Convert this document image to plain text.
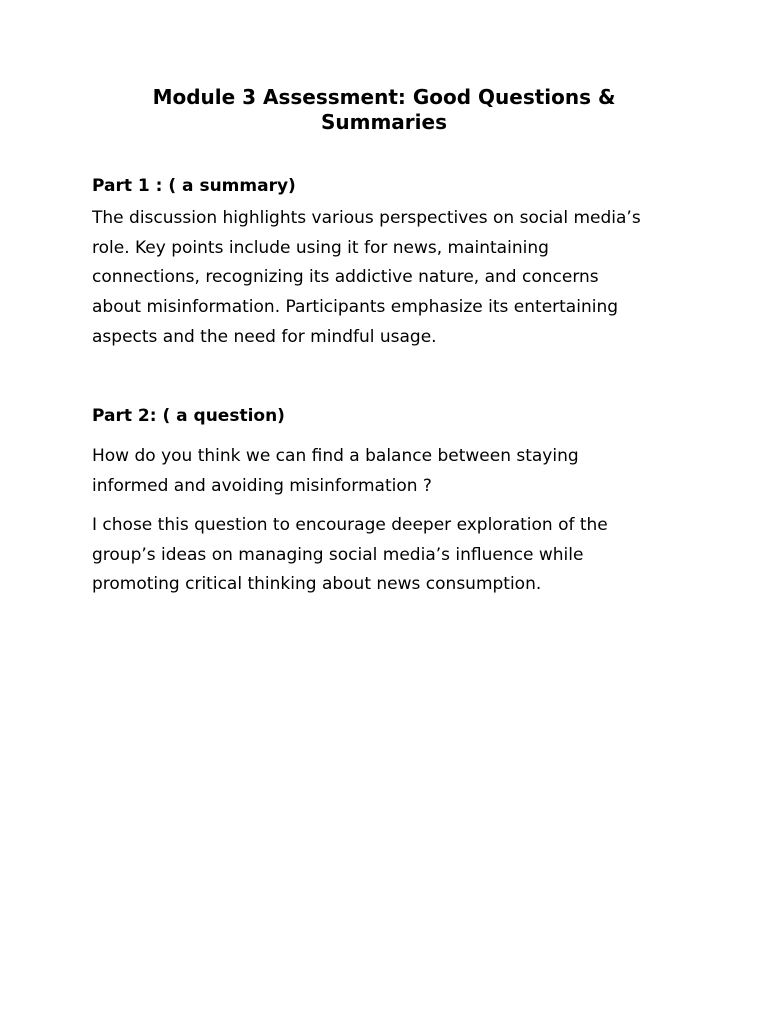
Module 3 Assessment: Good Questions &
Summaries
Part 1 : ( a summary)

The discussion highlights various perspectives on social media’s
role. Key points include using it for news, maintaining
connections, recognizing its addictive nature, and concerns
about misinformation. Participants emphasize its entertaining
aspects and the need for mindful usage.

Part 2: ( a question)

How do you think we can find a balance between staying
informed and avoiding misinformation ?

I chose this question to encourage deeper exploration of the
group’s ideas on managing social media’s influence while
promoting critical thinking about news consumption.
